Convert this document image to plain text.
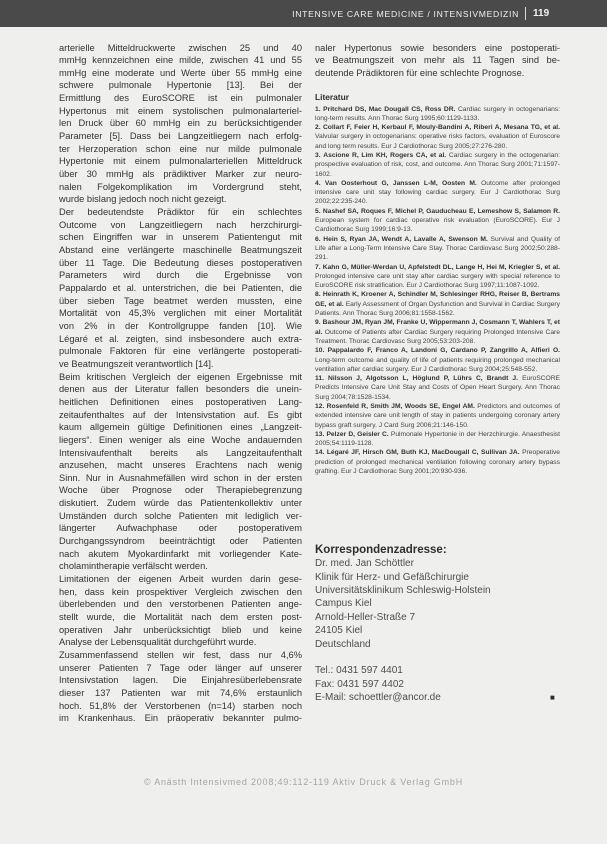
INTENSIVE CARE MEDICINE / INTENSIVMEDIZIN 119
arterielle Mitteldruckwerte zwischen 25 und 40
mmHg kennzeichnen eine milde, zwischen 41 und 55
mmHg eine moderate und Werte über 55 mmHg eine
schwere pulmonale Hypertonie [13]. Bei der
Ermittlung des EuroSCORE ist ein pulmonaler
Hypertonus mit einem systolischen pulmonalarteriel-
len Druck über 60 mmHg ein zu berücksichtigender
Parameter [5]. Dass bei Langzeitliegern nach erfolg-
ter Herzoperation schon eine nur milde pulmonale
Hypertonie mit einem pulmonalarteriellen Mitteldruck
über 30 mmHg als prädiktiver Marker zur neuro-
nalen Folgekomplikation im Vordergrund steht,
wurde bislang jedoch noch nicht gezeigt.
Der bedeutendste Prädiktor für ein schlechtes
Outcome von Langzeitliegern nach herzchirurgi-
schen Eingriffen war in unserem Patientengut mit
Abstand eine verlängerte maschinelle Beatmungszeit
über 11 Tage. Die Bedeutung dieses postoperativen
Parameters wird durch die Ergebnisse von
Pappalardo et al. unterstrichen, die bei Patienten, die
über sieben Tage beatmet werden mussten, eine
Mortalität von 45,3% verglichen mit einer Mortalität
von 2% in der Kontrollgruppe fanden [10]. Wie
Légaré et al. zeigten, sind insbesondere auch extra-
pulmonale Faktoren für eine verlängerte postoperati-
ve Beatmungszeit verantwortlich [14].
Beim kritischen Vergleich der eigenen Ergebnisse mit
denen aus der Literatur fallen besonders die unein-
heitlichen Definitionen eines postoperativen Lang-
zeitaufenthaltes auf der Intensivstation auf. Es gibt
kaum allgemein gültige Definitionen eines „Langzeit-
liegers“. Einen weniger als eine Woche andauernden
Intensivaufenthalt bereits als Langzeitaufenthalt
anzusehen, macht unseres Erachtens nach wenig
Sinn. Nur in Ausnahmefällen wird schon in der ersten
Woche über Prognose oder Therapiebegrenzung
diskutiert. Zudem würde das Patientenkollektiv unter
Umständen durch solche Patienten mit lediglich ver-
längerter Aufwachphase oder postoperativem
Durchgangssyndrom beeinträchtigt oder Patienten
nach akutem Myokardinfarkt mit vorliegender Kate-
cholamintherapie verfälscht werden.
Limitationen der eigenen Arbeit wurden darin gese-
hen, dass kein prospektiver Vergleich zwischen den
überlebenden und den verstorbenen Patienten ange-
stellt wurde, die Mortalität nach dem ersten post-
operativen Jahr unberücksichtigt blieb und keine
Analyse der Lebensqualität durchgeführt wurde.
Zusammenfassend stellen wir fest, dass nur 4,6%
unserer Patienten 7 Tage oder länger auf unserer
Intensivstation lagen. Die Einjahresüberlebensrate
dieser 137 Patienten war mit 74,6% erstaunlich
hoch. 51,8% der Verstorbenen (n=14) starben noch
im Krankenhaus. Ein präoperativ bekannter pulmo-
naler Hypertonus sowie besonders eine postoperati-
ve Beatmungszeit von mehr als 11 Tagen sind be-
deutende Prädiktoren für eine schlechte Prognose.
Literatur
1. Pritchard DS, Mac Dougall CS, Ross DR. Cardiac surgery in octogenarians: long-term results. Ann Thorac Surg 1995;60:1129-1133.
2. Collart F, Feier H, Kerbaul F, Mouly-Bandini A, Riberi A, Mesana TG, et al. Valvular surgery in octogenarians: operative risks factors, evaluation of Euroscore and long term results. Eur J Cardiothorac Surg 2005;27:276-280.
3. Ascione R, Lim KH, Rogers CA, et al. Cardiac surgery in the octogenarian: prospective evaluation of risk, cost, and outcome. Ann Thorac Surg 2001;71:1597-1602.
4. Van Oosterhout G, Janssen L-M, Oosten M. Outcome after prolonged intensive care unit stay following cardiac surgery. Eur J Cardiothorac Surg 2002;22:235-240.
5. Nashef SA, Roques F, Michel P, Gauducheau E, Lemeshow S, Salamon R. European system for cardiac operative risk evaluation (EuroSCORE). Eur J Cardiothorac Surg 1999;16:9-13.
6. Hein S, Ryan JA, Wendt A, Lavalle A, Swenson M. Survival and Quality of Life after a Long-Term Intensive Care Stay. Thorac Cardiovasc Surg 2002;50:288-291.
7. Kahn G, Müller-Werdan U, Apfelstedt DL, Lange H, Hei M, Kriegler S, et al. Prolonged intensive care unit stay after cardiac surgery with special reference to EuroSCORE risk stratification. Eur J Cardiothorac Surg 1997;11:1087-1092.
8. Heinrath K, Kroener A, Schindler M, Schlesinger RHG, Reiser B, Bertrams GE, et al. Early Assessment of Organ Dysfunction and Survival in Cardiac Surgery Patients. Ann Thorac Surg 2006;81:1558-1562.
9. Bashour JM, Ryan JM, Franke U, Wippermann J, Cosmann T, Wahlers T, et al. Outcome of Patients after Cardiac Surgery requiring Prolonged Intensive Care Treatment. Thorac Cardiovasc Surg 2005;53:203-208.
10. Pappalardo F, Franco A, Landoni G, Cardano P, Zangrillo A, Alfieri O. Long-term outcome and quality of life of patients requiring prolonged mechanical ventilation after cardiac surgery. Eur J Cardiothorac Surg 2004;25:548-552.
11. Nilsson J, Algotsson L, Höglund P, Lührs C, Brandt J. EuroSCORE Predicts Intensive Care Unit Stay and Costs of Open Heart Surgery. Ann Thorac Surg 2004;78:1528-1534.
12. Rosenfeld R, Smith JM, Woods SE, Engel AM. Predictors and outcomes of extended intensive care unit length of stay in patients undergoing coronary artery bypass graft surgery. J Card Surg 2006;21:146-150.
13. Pelzer D, Geisler C. Pulmonale Hypertonie in der Herzchirurgie. Anaesthesist 2005;54:1119-1128.
14. Légaré JF, Hirsch GM, Buth KJ, MacDougall C, Sullivan JA. Preoperative prediction of prolonged mechanical ventilation following coronary artery bypass grafting. Eur J Cardiothorac Surg 2001;20:930-936.
Korrespondenzadresse:
Dr. med. Jan Schöttler
Klinik für Herz- und Gefäßchirurgie
Universitätsklinikum Schleswig-Holstein
Campus Kiel
Arnold-Heller-Straße 7
24105 Kiel
Deutschland
Tel.: 0431 597 4401
Fax: 0431 597 4402
E-Mail: schoettler@ancor.de	■
© Anästh Intensivmed 2008;49:112-119 Aktiv Druck & Verlag GmbH
